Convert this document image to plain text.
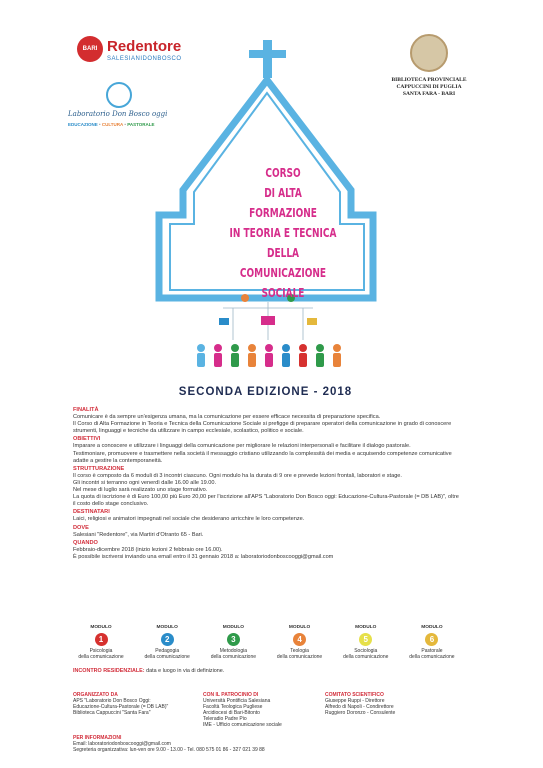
BARI Redentore
SALESIANIDONBOSCO
Laboratorio Don Bosco oggi
EDUCAZIONE • CULTURA • PASTORALE
BIBLIOTECA PROVINCIALE
CAPPUCCINI DI PUGLIA
SANTA FARA - BARI
CORSO
DI ALTA FORMAZIONE
IN TEORIA E TECNICA
DELLA COMUNICAZIONE
SOCIALE
SECONDA EDIZIONE - 2018
FINALITÀ
Comunicare è da sempre un'esigenza umana, ma la comunicazione per essere efficace necessita di preparazione specifica.
Il Corso di Alta Formazione in Teoria e Tecnica della Comunicazione Sociale si prefigge di preparare operatori della comunicazione in grado di conoscere strumenti, linguaggi e tecniche da utilizzare in campo ecclesiale, scolastico, politico e sociale.
OBIETTIVI
Imparare a conoscere e utilizzare i linguaggi della comunicazione per migliorare le relazioni interpersonali e facilitare il dialogo pastorale.
Testimoniare, promuovere e trasmettere nella società il messaggio cristiano utilizzando la complessità dei media e acquisendo competenze comunicative adatte a gestire la contemporaneità.
STRUTTURAZIONE
Il corso è composto da 6 moduli di 3 incontri ciascuno. Ogni modulo ha la durata di 9 ore e prevede lezioni frontali, laboratori e stage.
Gli incontri si terranno ogni venerdì dalle 16.00 alle 19.00.
Nel mese di luglio sarà realizzato uno stage formativo.
La quota di iscrizione è di Euro 100,00 più Euro 20,00 per l'iscrizione all'APS "Laboratorio Don Bosco oggi: Educazione-Cultura-Pastorale (= DB LAB)", oltre il costo dello stage conclusivo.
DESTINATARI
Laici, religiosi e animatori impegnati nel sociale che desiderano arricchire le loro competenze.
DOVE
Salesiani "Redentore", via Martiri d'Otranto 65 - Bari.
QUANDO
Febbraio-dicembre 2018 (inizio lezioni 2 febbraio ore 16.00).
È possibile iscriversi inviando una email entro il 31 gennaio 2018 a: laboratoriodonboscooggi@gmail.com
MODULO
1
Psicologia
della comunicazione
MODULO
2
Pedagogia
della comunicazione
MODULO
3
Metodologia
della comunicazione
MODULO
4
Teologia
della comunicazione
MODULO
5
Sociologia
della comunicazione
MODULO
6
Pastorale
della comunicazione
INCONTRO RESIDENZIALE: data e luogo in via di definizione.
ORGANIZZATO DA
APS "Laboratorio Don Bosco Oggi:
Educazione-Cultura-Pastorale (= DB LAB)"
Biblioteca Cappuccini "Santa Fara"
CON IL PATROCINIO DI
Università Pontificia Salesiana
Facoltà Teologica Pugliese
Arcidiocesi di Bari-Bitonto
Teleradio Padre Pio
IME - Ufficio comunicazione sociale
COMITATO SCIENTIFICO
Giuseppe Ruppi - Direttore
Alfredo di Napoli - Condirettore
Ruggiero Doronzo - Consulente
PER INFORMAZIONI
Email: laboratoriodonboscooggi@gmail.com
Segreteria organizzativa: lun-ven ore 9.00 - 13.00 - Tel. 080 575 01 86 - 327 021 39 88
